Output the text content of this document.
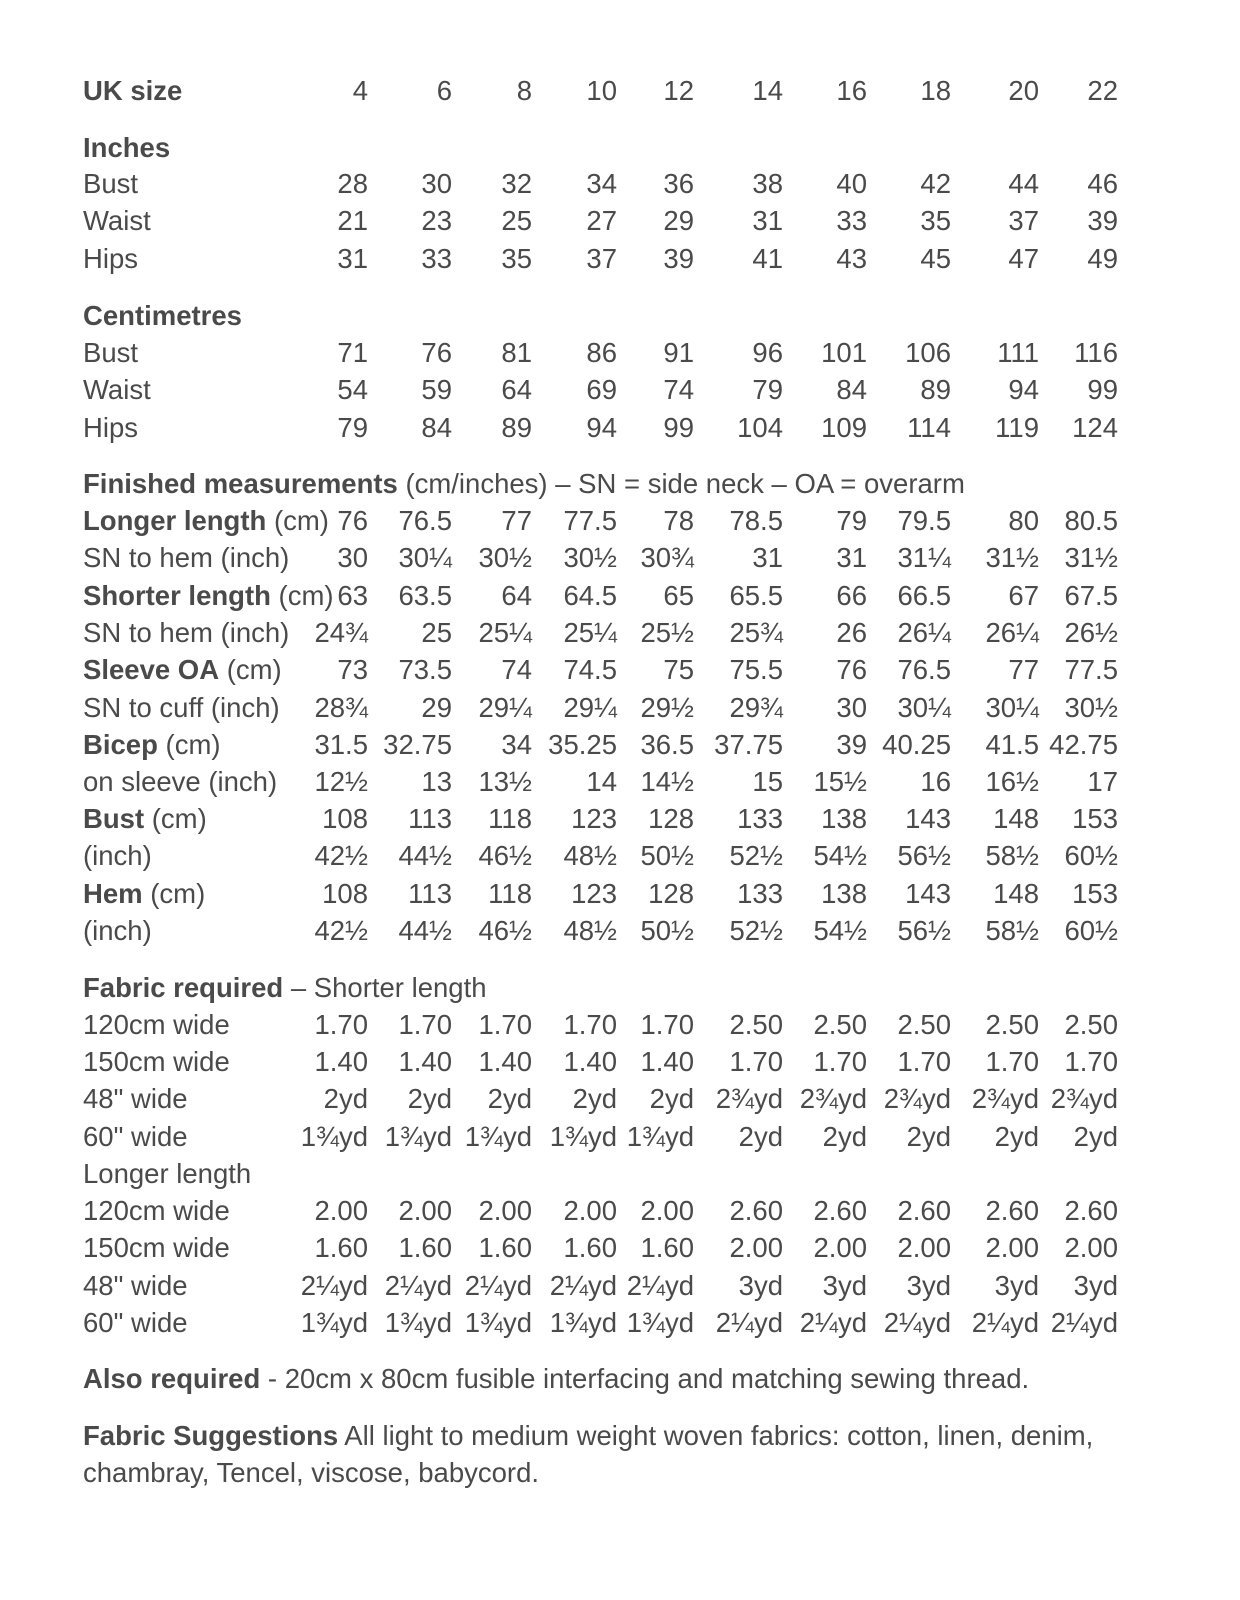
UK size	4	6	8	10	12	14	16	18	20	22
Inches
Bust	28	30	32	34	36	38	40	42	44	46
Waist	21	23	25	27	29	31	33	35	37	39
Hips	31	33	35	37	39	41	43	45	47	49
Centimetres
Bust	71	76	81	86	91	96	101	106	111	116
Waist	54	59	64	69	74	79	84	89	94	99
Hips	79	84	89	94	99	104	109	114	119	124
Finished measurements (cm/inches) – SN = side neck – OA = overarm
Longer length (cm) 76	76.5	77	77.5	78	78.5	79	79.5	80 80.5
SN to hem (inch)	30	30¼ 30½	30½ 30¾	31	31	31¼	31½ 31½
Shorter length (cm) 63	63.5	64	64.5	65	65.5	66	66.5	67 67.5
SN to hem (inch) 24¾	25 25¼	25¼ 25½	25¾	26	26¼	26¼ 26½
Sleeve OA (cm)	73	73.5	74	74.5	75	75.5	76	76.5	77 77.5
SN to cuff (inch)	28¾	29 29¼	29¼ 29½	29¾	30	30¼	30¼ 30½
Bicep (cm)	31.5 32.75	34 35.25 36.5 37.75	39 40.25	41.5 42.75
on sleeve (inch)	12½	13 13½	14 14½	15	15½	16	16½	17
Bust (cm)	108	113	118	123	128	133	138	143	148	153
(inch)	42½	44½ 46½	48½ 50½	52½	54½	56½	58½ 60½
Hem (cm)	108	113	118	123	128	133	138	143	148	153
(inch)	42½	44½ 46½	48½ 50½	52½	54½	56½	58½ 60½
Fabric required – Shorter length
120cm wide	1.70	1.70 1.70	1.70 1.70	2.50	2.50	2.50	2.50 2.50
150cm wide	1.40	1.40 1.40	1.40 1.40	1.70	1.70	1.70	1.70 1.70
48" wide	2yd	2yd	2yd	2yd	2yd 2¾yd 2¾yd 2¾yd 2¾yd 2¾yd
60" wide	1¾yd 1¾yd 1¾yd 1¾yd 1¾yd	2yd	2yd	2yd	2yd	2yd
Longer length
120cm wide	2.00	2.00 2.00	2.00 2.00	2.60	2.60	2.60	2.60 2.60
150cm wide	1.60	1.60 1.60	1.60 1.60	2.00	2.00	2.00	2.00 2.00
48" wide	2¼yd 2¼yd 2¼yd 2¼yd 2¼yd	3yd	3yd	3yd	3yd	3yd
60" wide	1¾yd 1¾yd 1¾yd 1¾yd 1¾yd 2¼yd 2¼yd 2¼yd 2¼yd 2¼yd
Also required - 20cm x 80cm fusible interfacing and matching sewing thread.
Fabric Suggestions All light to medium weight woven fabrics: cotton, linen, denim, chambray, Tencel, viscose, babycord.
